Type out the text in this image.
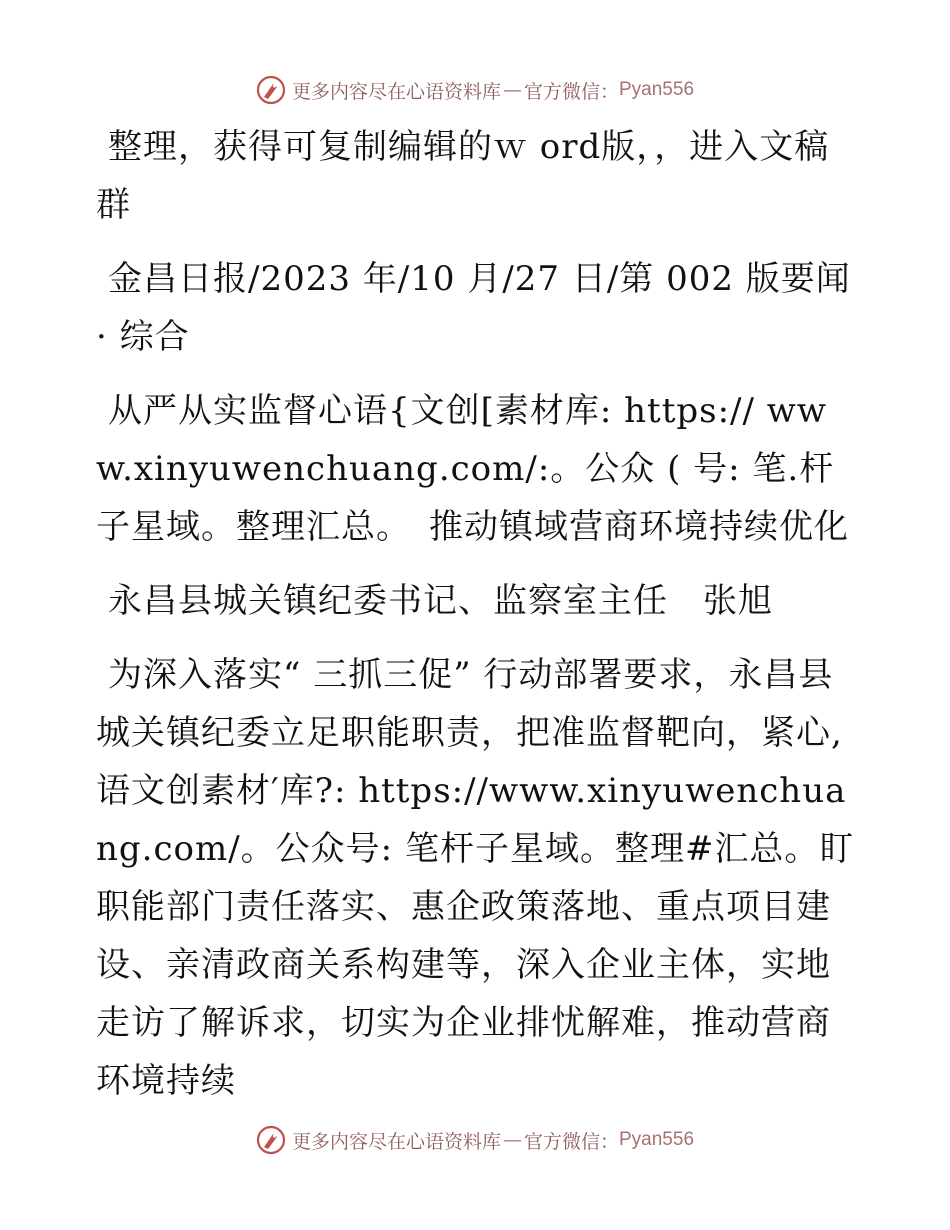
更多内容尽在心语资料库 — 官方微信： Pyan556

整理，获得可复制编辑的ｗ ord版，，进入文稿群

金昌日报/2023 年/10 月/27 日/第 002 版要闻 · 综合

从严从实监督心语{文创[素材库: https:// www.xinyuwenchuang.com/:。公众 ( 号: 笔.杆子星域。整理汇总。　推动镇域营商环境持续优化

永昌县城关镇纪委书记、监察室主任　张旭

为深入落实“ 三抓三促” 行动部署要求，永昌县城关镇纪委立足职能职责，把准监督靶向，紧心,语文创素材′库?: https://www.xinyuwenchuang.com/。公众号: 笔杆子星域。整理#汇总。盯职能部门责任落实、惠企政策落地、重点项目建设、亲清政商关系构建等，深入企业主体，实地走访了解诉求，切实为企业排忧解难，推动营商环境持续

更多内容尽在心语资料库 — 官方微信： Pyan556
